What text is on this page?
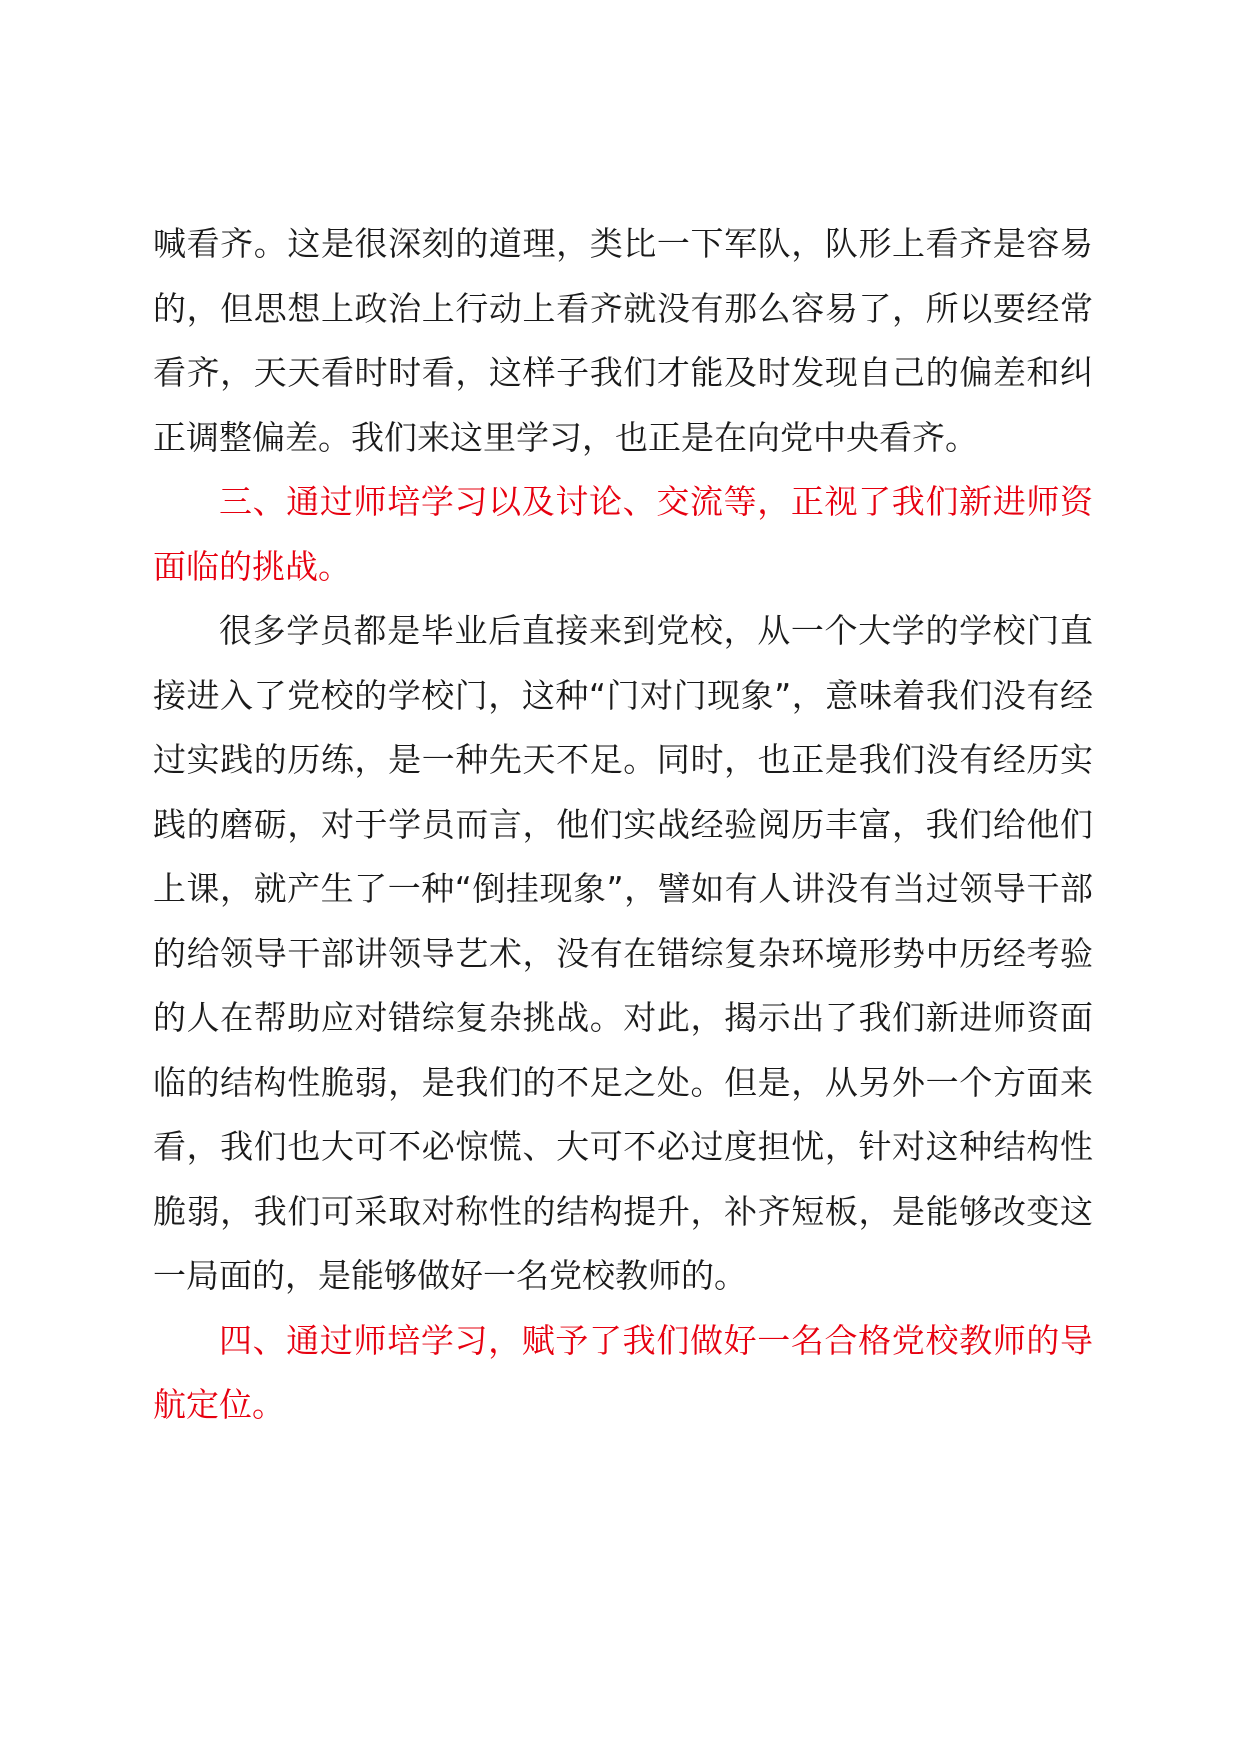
喊看齐。这是很深刻的道理，类比一下军队，队形上看齐是容易的，但思想上政治上行动上看齐就没有那么容易了，所以要经常看齐，天天看时时看，这样子我们才能及时发现自己的偏差和纠正调整偏差。我们来这里学习，也正是在向党中央看齐。

三、通过师培学习以及讨论、交流等，正视了我们新进师资面临的挑战。

很多学员都是毕业后直接来到党校，从一个大学的学校门直接进入了党校的学校门，这种“门对门现象”，意味着我们没有经过实践的历练，是一种先天不足。同时，也正是我们没有经历实践的磨砺，对于学员而言，他们实战经验阅历丰富，我们给他们上课，就产生了一种“倒挂现象”，譬如有人讲没有当过领导干部的给领导干部讲领导艺术，没有在错综复杂环境形势中历经考验的人在帮助应对错综复杂挑战。对此，揭示出了我们新进师资面临的结构性脆弱，是我们的不足之处。但是，从另外一个方面来看，我们也大可不必惊慌、大可不必过度担忧，针对这种结构性脆弱，我们可采取对称性的结构提升，补齐短板，是能够改变这一局面的，是能够做好一名党校教师的。

四、通过师培学习，赋予了我们做好一名合格党校教师的导航定位。
